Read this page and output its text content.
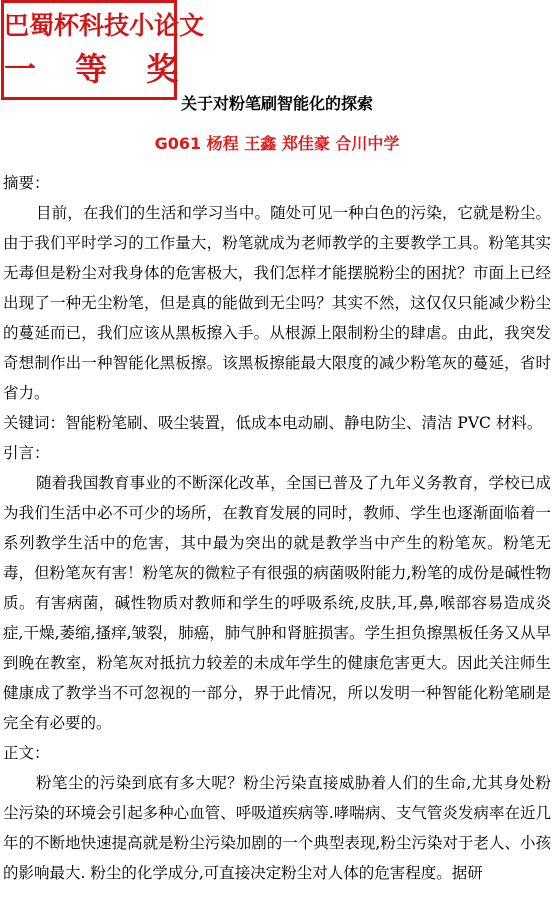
巴蜀杯科技小论文
一 等 奖
关于对粉笔刷智能化的探索
G061 杨程 王鑫 郑佳豪 合川中学
摘要：

目前，在我们的生活和学习当中。随处可见一种白色的污染，它就是粉尘。由于我们平时学习的工作量大，粉笔就成为老师教学的主要教学工具。粉笔其实无毒但是粉尘对我身体的危害极大，我们怎样才能摆脱粉尘的困扰？市面上已经出现了一种无尘粉笔，但是真的能做到无尘吗？其实不然，这仅仅只能减少粉尘的蔓延而已，我们应该从黑板擦入手。从根源上限制粉尘的肆虐。由此，我突发奇想制作出一种智能化黑板擦。该黑板擦能最大限度的减少粉笔灰的蔓延，省时省力。

关键词：智能粉笔刷、吸尘装置，低成本电动刷、静电防尘、清洁 PVC 材料。
引言：

随着我国教育事业的不断深化改革，全国已普及了九年义务教育，学校已成为我们生活中必不可少的场所，在教育发展的同时，教师、学生也逐渐面临着一系列教学生活中的危害，其中最为突出的就是教学当中产生的粉笔灰。粉笔无毒，但粉笔灰有害！粉笔灰的微粒子有很强的病菌吸附能力,粉笔的成份是碱性物质。有害病菌，碱性物质对教师和学生的呼吸系统,皮肤,耳,鼻,喉部容易造成炎症,干燥,萎缩,搔痒,皱裂，肺癌，肺气肿和肾脏损害。学生担负擦黑板任务又从早到晚在教室，粉笔灰对抵抗力较差的未成年学生的健康危害更大。因此关注师生健康成了教学当不可忽视的一部分，界于此情况，所以发明一种智能化粉笔刷是完全有必要的。

正文：

粉笔尘的污染到底有多大呢？粉尘污染直接威胁着人们的生命,尤其身处粉尘污染的环境会引起多种心血管、呼吸道疾病等.哮喘病、支气管炎发病率在近几年的不断地快速提高就是粉尘污染加剧的一个典型表现,粉尘污染对于老人、小孩的影响最大. 粉尘的化学成分,可直接决定粉尘对人体的危害程度。据研
